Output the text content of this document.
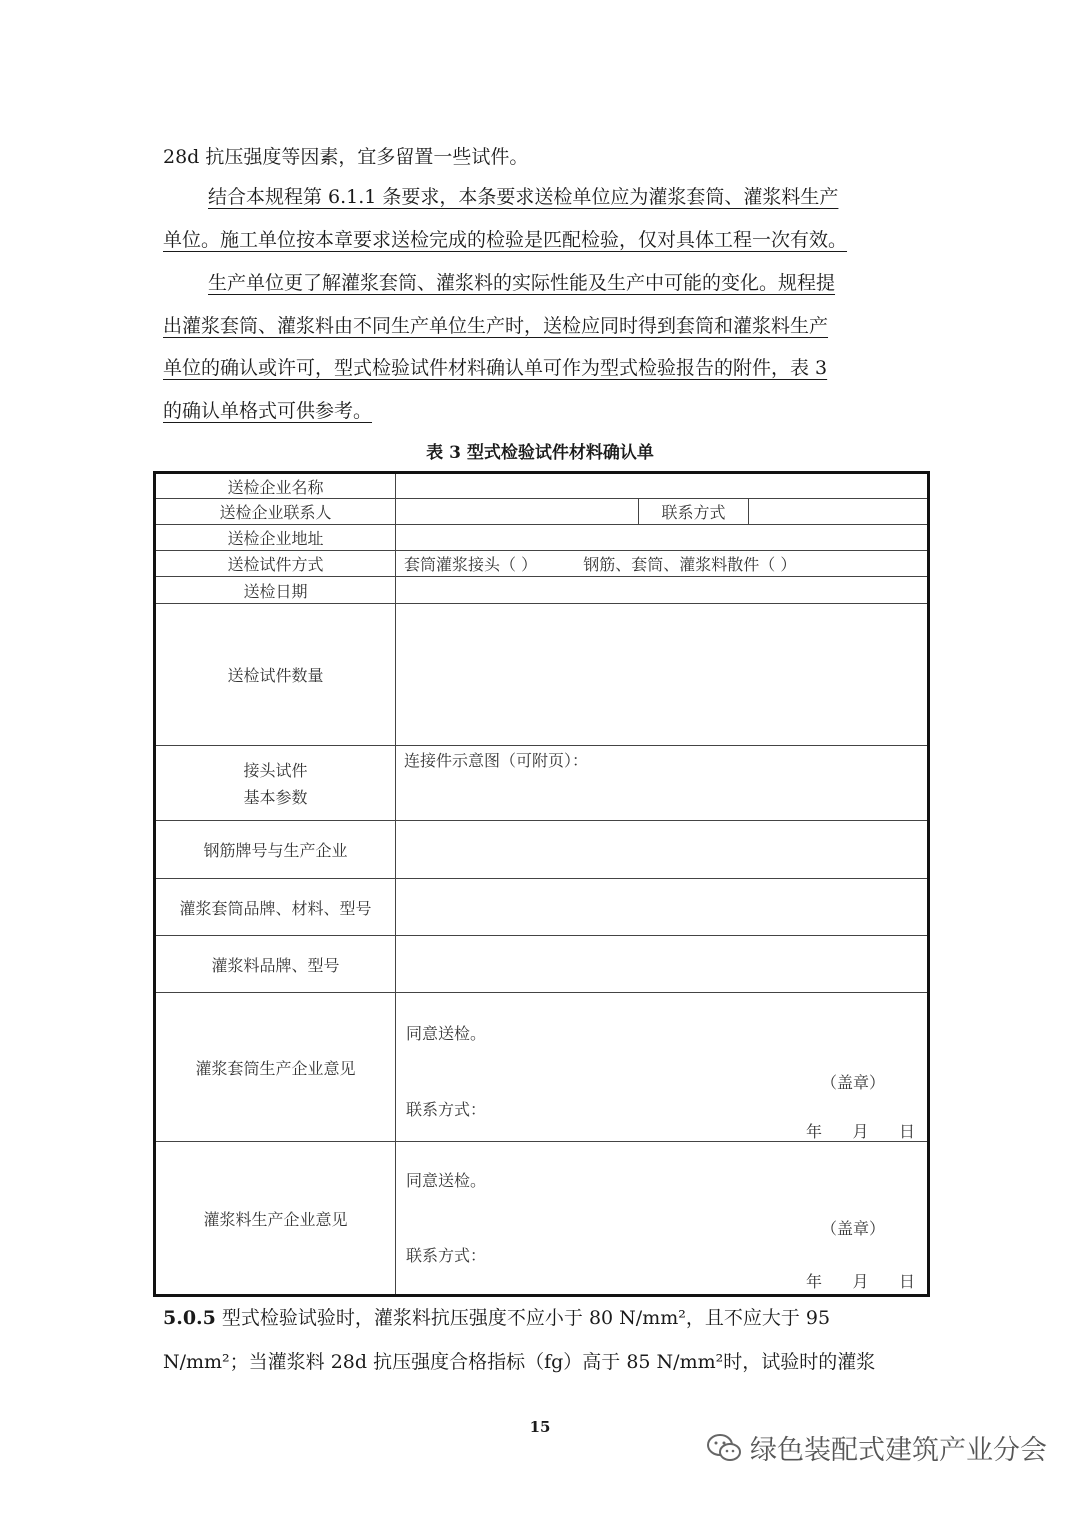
28d 抗压强度等因素，宜多留置一些试件。
结合本规程第 6.1.1 条要求，本条要求送检单位应为灌浆套筒、灌浆料生产
单位。施工单位按本章要求送检完成的检验是匹配检验，仅对具体工程一次有效。
生产单位更了解灌浆套筒、灌浆料的实际性能及生产中可能的变化。规程提
出灌浆套筒、灌浆料由不同生产单位生产时，送检应同时得到套筒和灌浆料生产
单位的确认或许可，型式检验试件材料确认单可作为型式检验报告的附件，表 3
的确认单格式可供参考。
表 3 型式检验试件材料确认单
送检企业名称			
送检企业联系人		联系方式	
送检企业地址			
送检试件方式	套筒灌浆接头（ ） 钢筋、套筒、灌浆料散件（ ）		
送检日期			
送检试件数量			

接头试件
基本参数	连接件示意图（可附页）：		
钢筋牌号与生产企业			
灌浆套筒品牌、材料、型号			
灌浆料品牌、型号			
灌浆套筒生产企业意见	同意送检。
（盖章）
联系方式：
年      月      日		

灌浆料生产企业意见	同意送检。
（盖章）
联系方式：
年      月      日		
5.0.5 型式检验试验时，灌浆料抗压强度不应小于 80 N/mm²，且不应大于 95
N/mm²；当灌浆料 28d 抗压强度合格指标（fg）高于 85 N/mm²时，试验时的灌浆
15
绿色装配式建筑产业分会
